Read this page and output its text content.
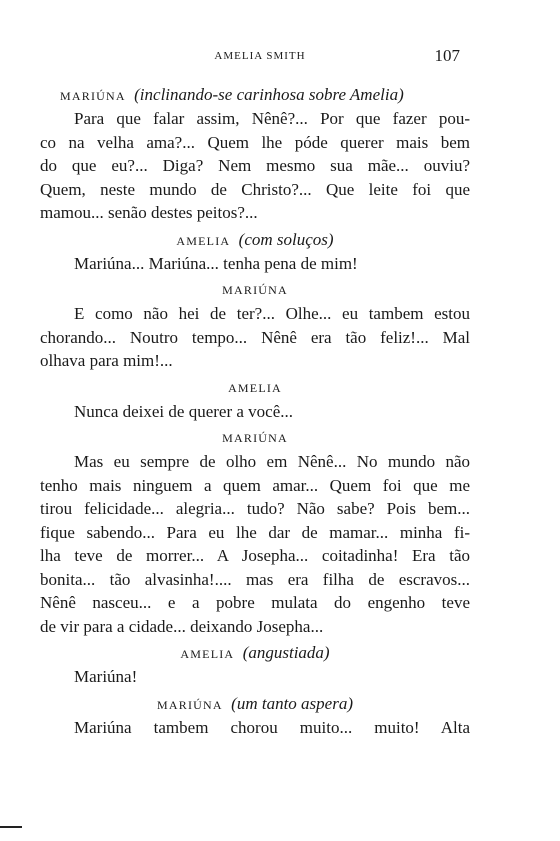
AMELIA SMITH	107
MARIÚNA (inclinando-se carinhosa sobre Amelia)
Para que falar assim, Nênê?... Por que fazer pou-
co na velha ama?... Quem lhe póde querer mais bem
do que eu?... Diga? Nem mesmo sua mãe... ouviu?
Quem, neste mundo de Christo?... Que leite foi que
mamou... senão destes peitos?...
AMELIA (com soluços)
Mariúna... Mariúna... tenha pena de mim!
MARIÚNA
E como não hei de ter?... Olhe... eu tambem estou
chorando... Noutro tempo... Nênê era tão feliz!... Mal
olhava para mim!...
AMELIA
Nunca deixei de querer a você...
MARIÚNA
Mas eu sempre de olho em Nênê... No mundo não
tenho mais ninguem a quem amar... Quem foi que me
tirou felicidade... alegria... tudo? Não sabe? Pois bem...
fique sabendo... Para eu lhe dar de mamar... minha fi-
lha teve de morrer... A Josepha... coitadinha! Era tão
bonita... tão alvasinha!.... mas era filha de escravos...
Nênê nasceu... e a pobre mulata do engenho teve
de vir para a cidade... deixando Josepha...
AMELIA (angustiada)
Mariúna!
MARIÚNA (um tanto aspera)
Mariúna tambem chorou muito... muito! Alta
